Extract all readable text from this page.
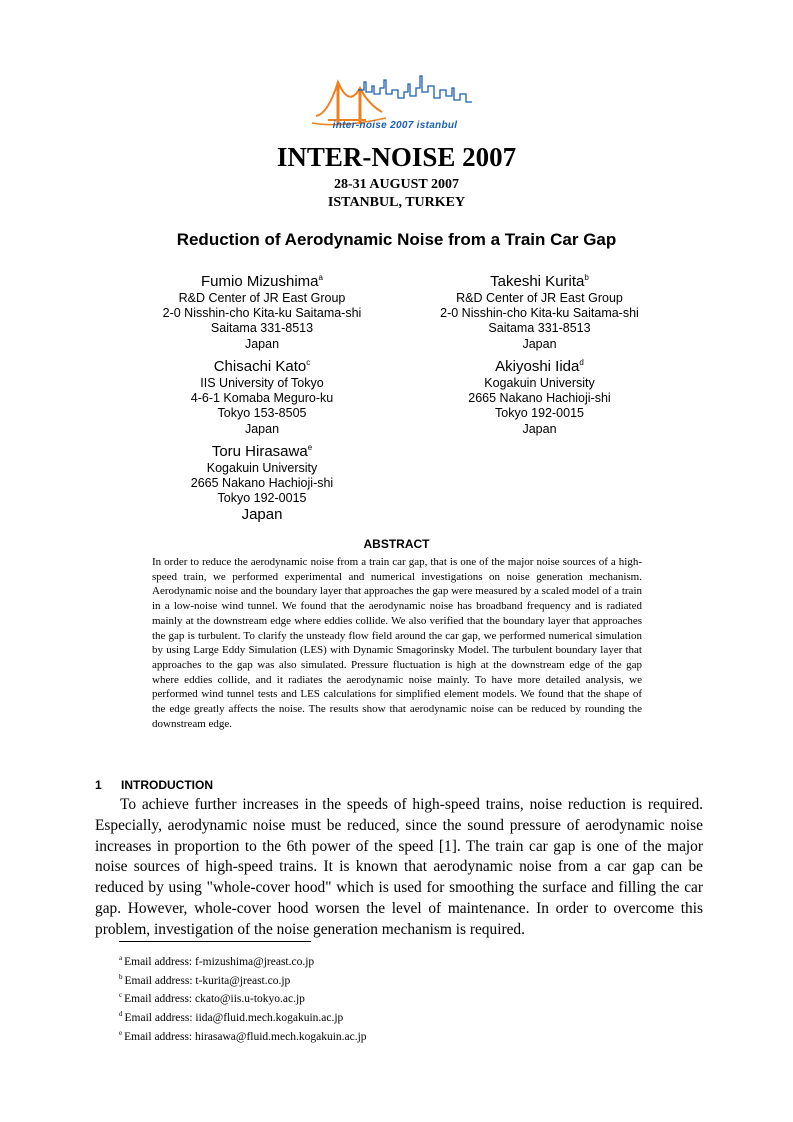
inter-noise 2007 istanbul
INTER-NOISE 2007
28-31 AUGUST 2007
ISTANBUL, TURKEY
Reduction of Aerodynamic Noise from a Train Car Gap
Fumio Mizushima$^a$
R&D Center of JR East Group
2-0 Nisshin-cho Kita-ku Saitama-shi
Saitama 331-8513
Japan
Takeshi Kurita$^b$
R&D Center of JR East Group
2-0 Nisshin-cho Kita-ku Saitama-shi
Saitama 331-8513
Japan
Chisachi Kato$^c$
IIS University of Tokyo
4-6-1 Komaba Meguro-ku
Tokyo 153-8505
Japan
Akiyoshi Iida$^d$
Kogakuin University
2665 Nakano Hachioji-shi
Tokyo 192-0015
Japan
Toru Hirasawa$^e$
Kogakuin University
2665 Nakano Hachioji-shi
Tokyo 192-0015
Japan
ABSTRACT
In order to reduce the aerodynamic noise from a train car gap, that is one of the major noise sources of a high-speed train, we performed experimental and numerical investigations on noise generation mechanism. Aerodynamic noise and the boundary layer that approaches the gap were measured by a scaled model of a train in a low-noise wind tunnel. We found that the aerodynamic noise has broadband frequency and is radiated mainly at the downstream edge where eddies collide. We also verified that the boundary layer that approaches the gap is turbulent. To clarify the unsteady flow field around the car gap, we performed numerical simulation by using Large Eddy Simulation (LES) with Dynamic Smagorinsky Model. The turbulent boundary layer that approaches to the gap was also simulated. Pressure fluctuation is high at the downstream edge of the gap where eddies collide, and it radiates the aerodynamic noise mainly. To have more detailed analysis, we performed wind tunnel tests and LES calculations for simplified element models. We found that the shape of the edge greatly affects the noise. The results show that aerodynamic noise can be reduced by rounding the downstream edge.
1 INTRODUCTION
To achieve further increases in the speeds of high-speed trains, noise reduction is required. Especially, aerodynamic noise must be reduced, since the sound pressure of aerodynamic noise increases in proportion to the 6th power of the speed [1]. The train car gap is one of the major noise sources of high-speed trains. It is known that aerodynamic noise from a car gap can be reduced by using "whole-cover hood" which is used for smoothing the surface and filling the car gap. However, whole-cover hood worsen the level of maintenance. In order to overcome this problem, investigation of the noise generation mechanism is required.
$^a$ Email address: f-mizushima@jreast.co.jp
$^b$ Email address: t-kurita@jreast.co.jp
$^c$ Email address: ckato@iis.u-tokyo.ac.jp
$^d$ Email address: iida@fluid.mech.kogakuin.ac.jp
$^e$ Email address: hirasawa@fluid.mech.kogakuin.ac.jp
